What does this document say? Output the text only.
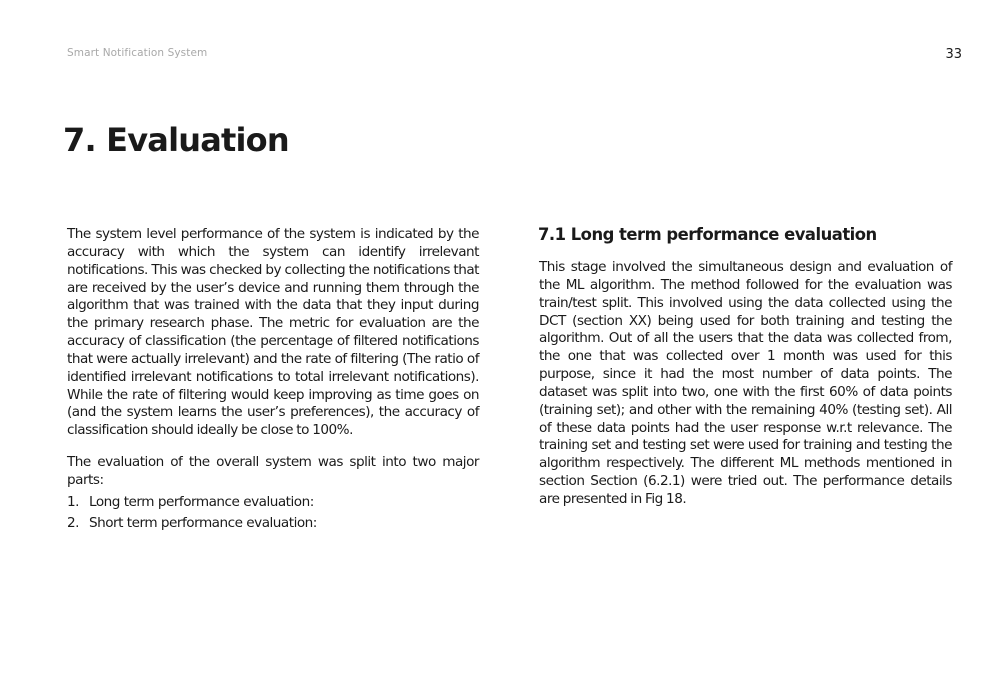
Smart Notification System	33
7. Evaluation

The system level performance of the system is indicated by the accuracy with which the system can identify irrelevant notifications. This was checked by collecting the notifications that are received by the user’s device and running them through the algorithm that was trained with the data that they input during the primary research phase. The metric for evaluation are the accuracy of classification (the percentage of filtered notifications that were actually irrelevant) and the rate of filtering (The ratio of identified irrelevant notifications to total irrelevant notifications). While the rate of filtering would keep improving as time goes on (and the system learns the user’s preferences), the accuracy of classification should ideally be close to 100%.

The evaluation of the overall system was split into two major parts:

1. Long term performance evaluation:
2. Short term performance evaluation:
7.1 Long term performance evaluation

This stage involved the simultaneous design and evaluation of the ML algorithm. The method followed for the evaluation was train/test split. This involved using the data collected using the DCT (section XX) being used for both training and testing the algorithm. Out of all the users that the data was collected from, the one that was collected over 1 month was used for this purpose, since it had the most number of data points. The dataset was split into two, one with the first 60% of data points (training set); and other with the remaining 40% (testing set). All of these data points had the user response w.r.t relevance. The training set and testing set were used for training and testing the algorithm respectively. The different ML methods mentioned in section Section (6.2.1) were tried out. The performance details are presented in Fig 18.
